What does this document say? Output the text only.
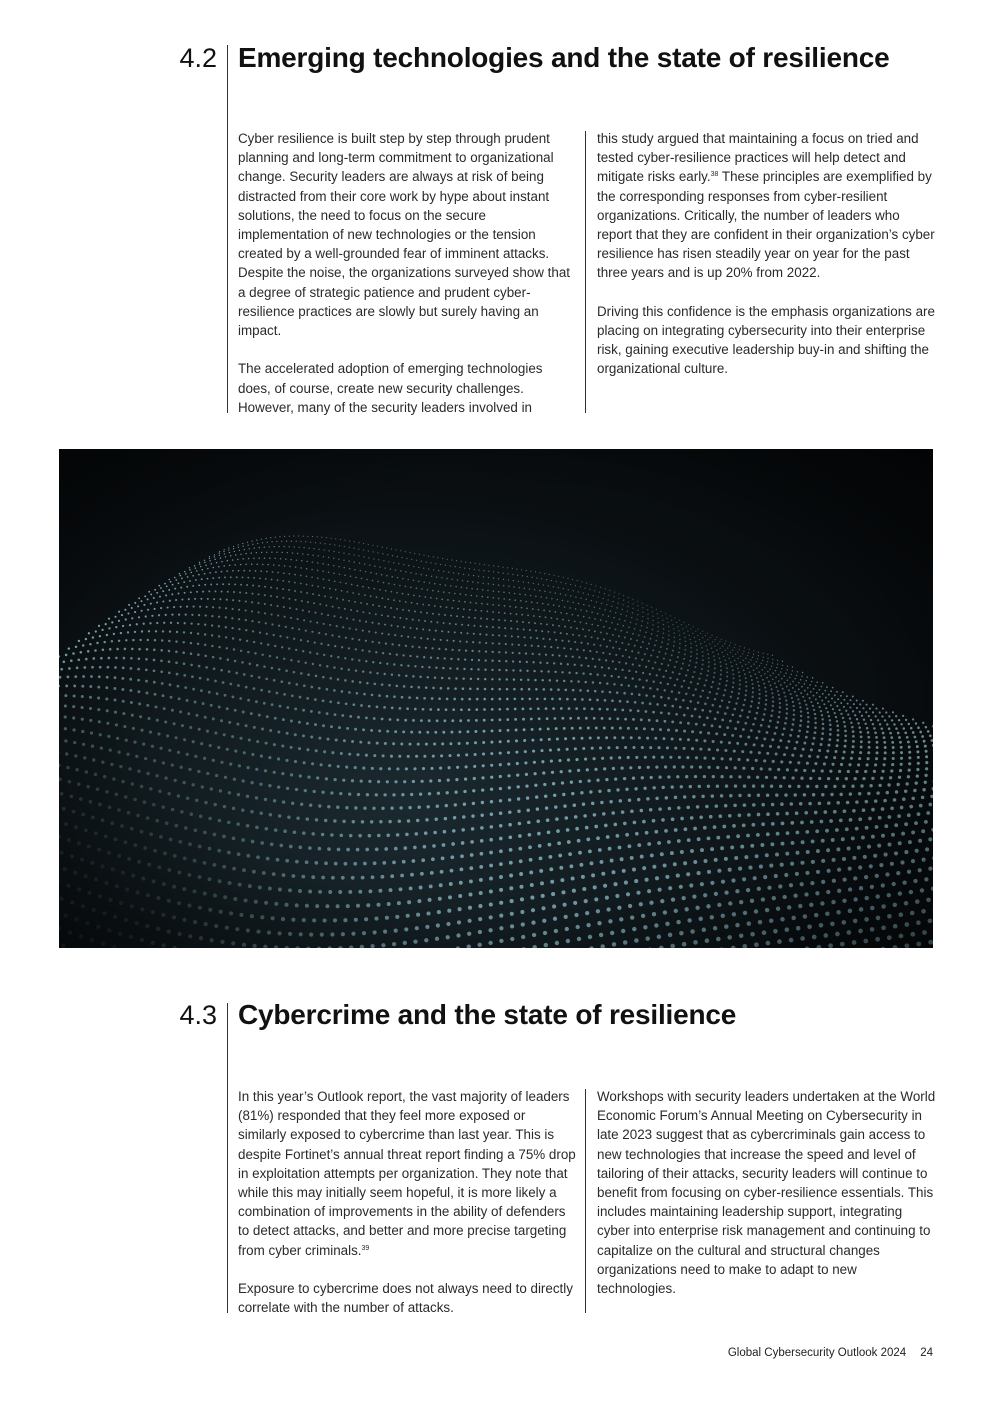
4.2 Emerging technologies and the state of resilience

Cyber resilience is built step by step through prudent planning and long-term commitment to organizational change. Security leaders are always at risk of being distracted from their core work by hype about instant solutions, the need to focus on the secure implementation of new technologies or the tension created by a well-grounded fear of imminent attacks. Despite the noise, the organizations surveyed show that a degree of strategic patience and prudent cyber-resilience practices are slowly but surely having an impact.

The accelerated adoption of emerging technologies does, of course, create new security challenges. However, many of the security leaders involved in

this study argued that maintaining a focus on tried and tested cyber-resilience practices will help detect and mitigate risks early.$^{38}$ These principles are exemplified by the corresponding responses from cyber-resilient organizations. Critically, the number of leaders who report that they are confident in their organization’s cyber resilience has risen steadily year on year for the past three years and is up 20% from 2022.

Driving this confidence is the emphasis organizations are placing on integrating cybersecurity into their enterprise risk, gaining executive leadership buy-in and shifting the organizational culture.

4.3 Cybercrime and the state of resilience

In this year’s Outlook report, the vast majority of leaders (81%) responded that they feel more exposed or similarly exposed to cybercrime than last year. This is despite Fortinet’s annual threat report finding a 75% drop in exploitation attempts per organization. They note that while this may initially seem hopeful, it is more likely a combination of improvements in the ability of defenders to detect attacks, and better and more precise targeting from cyber criminals.$^{39}$

Exposure to cybercrime does not always need to directly correlate with the number of attacks.

Workshops with security leaders undertaken at the World Economic Forum’s Annual Meeting on Cybersecurity in late 2023 suggest that as cybercriminals gain access to new technologies that increase the speed and level of tailoring of their attacks, security leaders will continue to benefit from focusing on cyber-resilience essentials. This includes maintaining leadership support, integrating cyber into enterprise risk management and continuing to capitalize on the cultural and structural changes organizations need to make to adapt to new technologies.

Global Cybersecurity Outlook 2024 24
